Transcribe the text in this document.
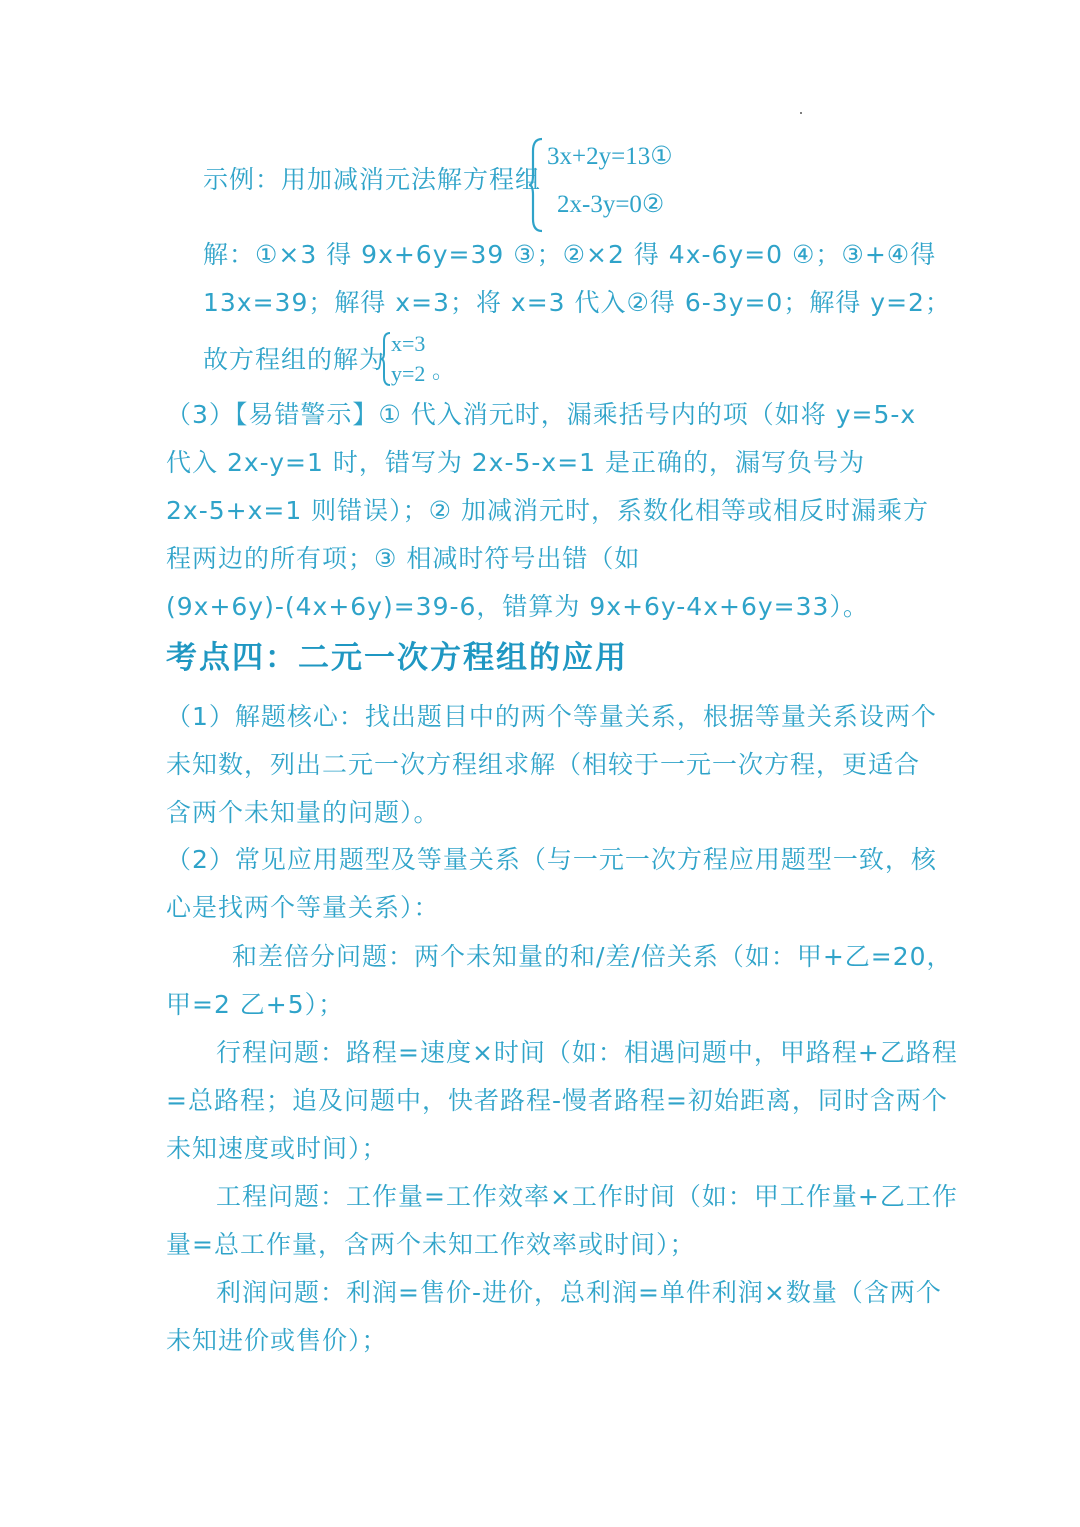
示例：用加减消元法解方程组
3x+2y=13①
2x-3y=0②
解：①×3 得 9x+6y=39 ③；②×2 得 4x-6y=0 ④；③+④得
13x=39；解得 x=3；将 x=3 代入②得 6-3y=0；解得 y=2；
故方程组的解为
x=3
y=2 。
（3）【易错警示】① 代入消元时，漏乘括号内的项（如将 y=5-x
代入 2x-y=1 时，错写为 2x-5-x=1 是正确的，漏写负号为
2x-5+x=1 则错误）；② 加减消元时，系数化相等或相反时漏乘方
程两边的所有项；③ 相减时符号出错（如
(9x+6y)-(4x+6y)=39-6，错算为 9x+6y-4x+6y=33）。
考点四：二元一次方程组的应用
（1）解题核心：找出题目中的两个等量关系，根据等量关系设两个
未知数，列出二元一次方程组求解（相较于一元一次方程，更适合
含两个未知量的问题）。
（2）常见应用题型及等量关系（与一元一次方程应用题型一致，核
心是找两个等量关系）：
和差倍分问题：两个未知量的和/差/倍关系（如：甲+乙=20，
甲=2 乙+5）；
行程问题：路程=速度×时间（如：相遇问题中，甲路程+乙路程
=总路程；追及问题中，快者路程-慢者路程=初始距离，同时含两个
未知速度或时间）；
工程问题：工作量=工作效率×工作时间（如：甲工作量+乙工作
量=总工作量，含两个未知工作效率或时间）；
利润问题：利润=售价-进价，总利润=单件利润×数量（含两个
未知进价或售价）；
